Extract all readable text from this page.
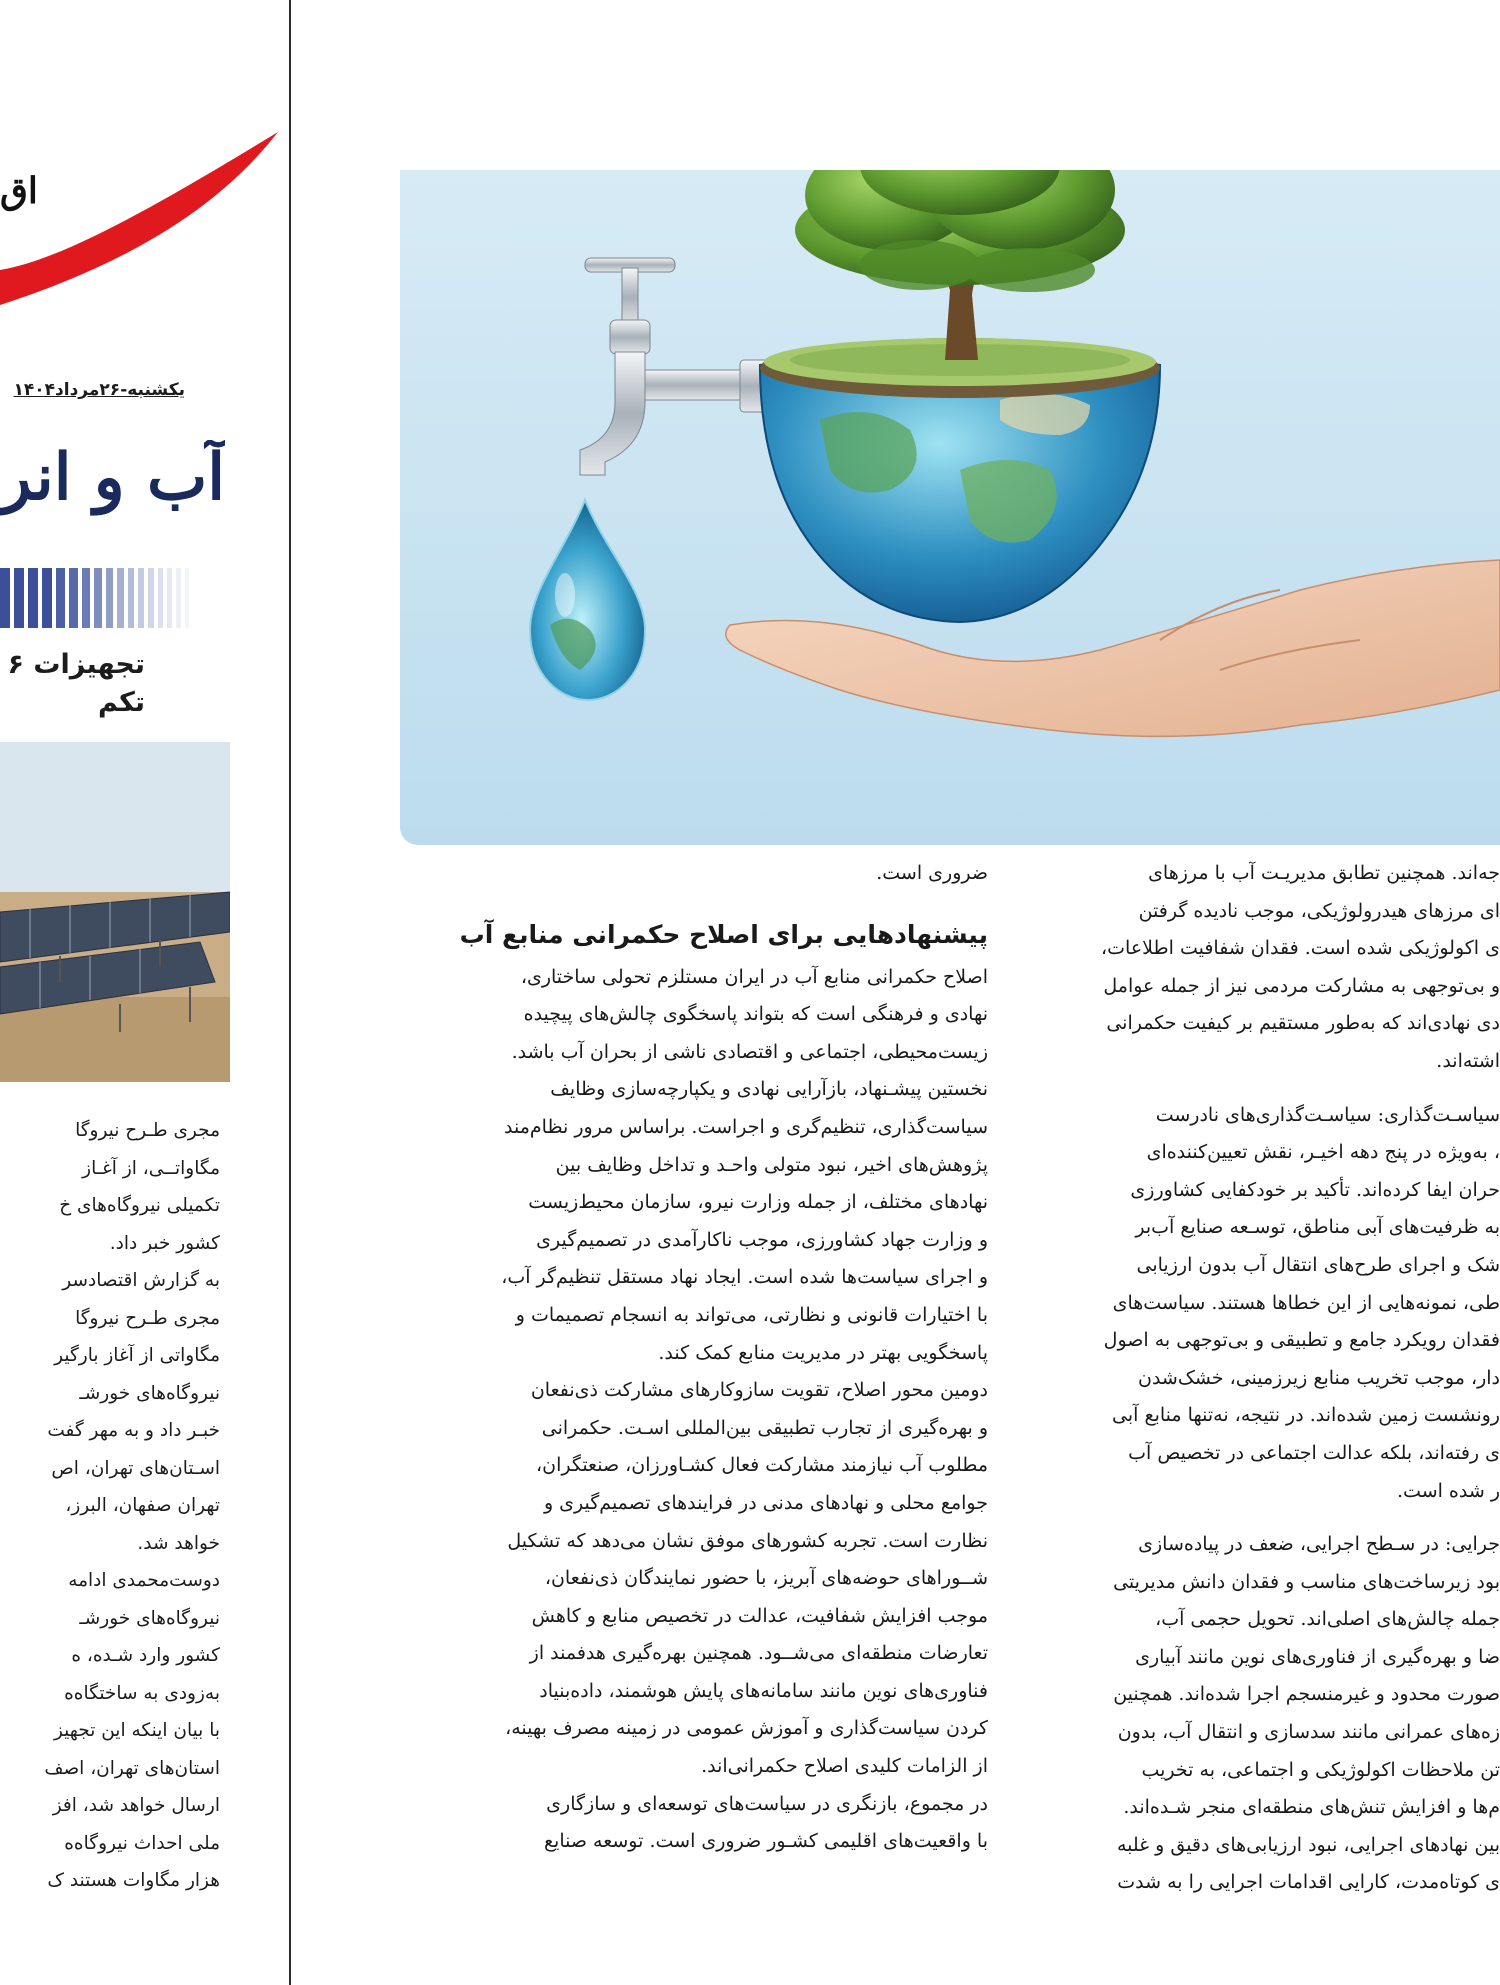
اق
یکشنبه-۲۶مرداد۱۴۰۴
آب و انر
تجهیزات ۶
تکم

مجری طـرح نیروگا

مگاواتــی، از آغـاز

تکمیلی نیروگاه‌های خ

کشور خبر داد.

به گزارش اقتصادسر

مجری طـرح نیروگا

مگاواتی از آغاز بارگیر

نیروگاه‌های خورشـ

خبـر داد و به مهر گفت

اسـتان‌های تهران، اص

تهران صفهان، البرز،

خواهد شد.

دوست‌محمدی ادامه

نیروگاه‌های خورشـ

کشور وارد شـده، ه

به‌زودی به ساختگاه‌ه

با بیان اینکه این تجهیز

استان‌های تهران، اصف

ارسال خواهد شد، افز

ملی احداث نیروگاه‌ه

هزار مگاوات هستند ک

ضروری است.

پیشنهادهایی برای اصلاح حکمرانی منابع آب

اصلاح حکمرانی منابع آب در ایران مستلزم تحولی ساختاری،

نهادی و فرهنگی است که بتواند پاسخگوی چالش‌های پیچیده

زیست‌محیطی، اجتماعی و اقتصادی ناشی از بحران آب باشد.

نخستین پیشـنهاد، بازآرایی نهادی و یکپارچه‌سازی وظایف

سیاست‌گذاری، تنظیم‌گری و اجراست. براساس مرور نظام‌مند

پژوهش‌های اخیر، نبود متولی واحـد و تداخل وظایف بین

نهادهای مختلف، از جمله وزارت نیرو، سازمان محیط‌زیست

و وزارت جهاد کشاورزی، موجب ناکارآمدی در تصمیم‌گیری

و اجرای سیاست‌ها شده است. ایجاد نهاد مستقل تنظیم‌گر آب،

با اختیارات قانونی و نظارتی، می‌تواند به انسجام تصمیمات و

پاسخگویی بهتر در مدیریت منابع کمک کند.

دومین محور اصلاح، تقویت سازوکارهای مشارکت ذی‌نفعان

و بهره‌گیری از تجارب تطبیقی بین‌المللی اسـت. حکمرانی

مطلوب آب نیازمند مشارکت فعال کشـاورزان، صنعتگران،

جوامع محلی و نهادهای مدنی در فرایندهای تصمیم‌گیری و

نظارت است. تجربه کشورهای موفق نشان می‌دهد که تشکیل

شــوراهای حوضه‌های آبریز، با حضور نمایندگان ذی‌نفعان،

موجب افزایش شفافیت، عدالت در تخصیص منابع و کاهش

تعارضات منطقه‌ای می‌شــود. همچنین بهره‌گیری هدفمند از

فناوری‌های نوین مانند سامانه‌های پایش هوشمند، داده‌بنیاد

کردن سیاست‌گذاری و آموزش عمومی در زمینه مصرف بهینه،

از الزامات کلیدی اصلاح حکمرانی‌اند.

در مجموع، بازنگری در سیاست‌های توسعه‌ای و سازگاری

با واقعیت‌های اقلیمی کشـور ضروری است. توسعه صنایع

جه‌اند. همچنین تطابق مدیریـت آب با مرزهای

ای مرزهای هیدرولوژیکی، موجب نادیده گرفتن

ی اکولوژیکی شده است. فقدان شفافیت اطلاعات،

و بی‌توجهی به مشارکت مردمی نیز از جمله عوامل

دی نهادی‌اند که به‌طور مستقیم بر کیفیت حکمرانی

اشته‌اند.

سیاسـت‌گذاری: سیاسـت‌گذاری‌های نادرست

، به‌ویژه در پنج دهه اخیـر، نقش تعیین‌کننده‌ای

حران ایفا کرده‌اند. تأکید بر خودکفایی کشاورزی

به ظرفیت‌های آبی مناطق، توسـعه صنایع آب‌بر

شک و اجرای طرح‌های انتقال آب بدون ارزیابی

طی، نمونه‌هایی از این خطاها هستند. سیاست‌های

فقدان رویکرد جامع و تطبیقی و بی‌توجهی به اصول

دار، موجب تخریب منابع زیرزمینی، خشک‌شدن

رونشست زمین شده‌اند. در نتیجه، نه‌تنها منابع آبی

ی رفته‌اند، بلکه عدالت اجتماعی در تخصیص آب

ر شده است.

جرایی: در سـطح اجرایی، ضعف در پیاده‌سازی

بود زیرساخت‌های مناسب و فقدان دانش مدیریتی

جمله چالش‌های اصلی‌اند. تحویل حجمی آب،

ضا و بهره‌گیری از فناوری‌های نوین مانند آبیاری

صورت محدود و غیرمنسجم اجرا شده‌اند. همچنین

زه‌های عمرانی مانند سدسازی و انتقال آب، بدون

تن ملاحظات اکولوژیکی و اجتماعی، به تخریب

م‌ها و افزایش تنش‌های منطقه‌ای منجر شـده‌اند.

بین نهادهای اجرایی، نبود ارزیابی‌های دقیق و غلبه

ی کوتاه‌مدت، کارایی اقدامات اجرایی را به شدت
